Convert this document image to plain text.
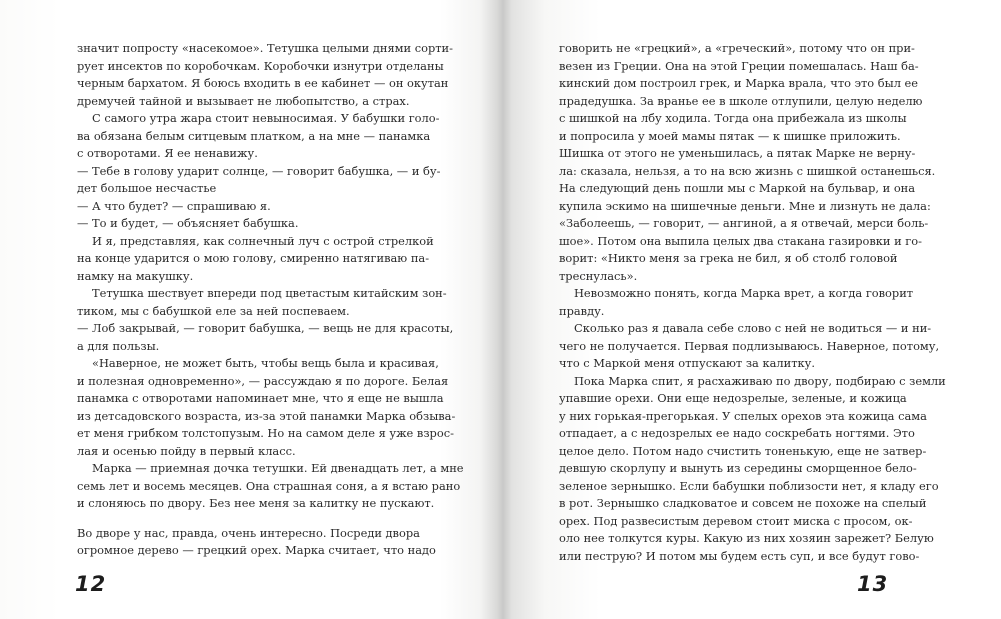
значит попросту «насекомое». Тетушка целыми днями сорти-
рует инсектов по коробочкам. Коробочки изнутри отделаны
черным бархатом. Я боюсь входить в ее кабинет — он окутан
дремучей тайной и вызывает не любопытство, а страх.
С самого утра жара стоит невыносимая. У бабушки голо-
ва обязана белым ситцевым платком, а на мне — панамка
с отворотами. Я ее ненавижу.
— Тебе в голову ударит солнце, — говорит бабушка, — и бу-
дет большое несчастье
— А что будет? — спрашиваю я.
— То и будет, — объясняет бабушка.
И я, представляя, как солнечный луч с острой стрелкой
на конце ударится о мою голову, смиренно натягиваю па-
намку на макушку.
Тетушка шествует впереди под цветастым китайским зон-
тиком, мы с бабушкой еле за ней поспеваем.
— Лоб закрывай, — говорит бабушка, — вещь не для красоты,
а для пользы.
«Наверное, не может быть, чтобы вещь была и красивая,
и полезная одновременно», — рассуждаю я по дороге. Белая
панамка с отворотами напоминает мне, что я еще не вышла
из детсадовского возраста, из-за этой панамки Марка обзыва-
ет меня грибком толстопузым. Но на самом деле я уже взрос-
лая и осенью пойду в первый класс.
Марка — приемная дочка тетушки. Ей двенадцать лет, а мне
семь лет и восемь месяцев. Она страшная соня, а я встаю рано
и слоняюсь по двору. Без нее меня за калитку не пускают.
Во дворе у нас, правда, очень интересно. Посреди двора
огромное дерево — грецкий орех. Марка считает, что надо
говорить не «грецкий», а «греческий», потому что он при-
везен из Греции. Она на этой Греции помешалась. Наш ба-
кинский дом построил грек, и Марка врала, что это был ее
прадедушка. За вранье ее в школе отлупили, целую неделю
с шишкой на лбу ходила. Тогда она прибежала из школы
и попросила у моей мамы пятак — к шишке приложить.
Шишка от этого не уменьшилась, а пятак Марке не верну-
ла: сказала, нельзя, а то на всю жизнь с шишкой останешься.
На следующий день пошли мы с Маркой на бульвар, и она
купила эскимо на шишечные деньги. Мне и лизнуть не дала:
«Заболеешь, — говорит, — ангиной, а я отвечай, мерси боль-
шое». Потом она выпила целых два стакана газировки и го-
ворит: «Никто меня за грека не бил, я об столб головой
треснулась».
Невозможно понять, когда Марка врет, а когда говорит
правду.
Сколько раз я давала себе слово с ней не водиться — и ни-
чего не получается. Первая подлизываюсь. Наверное, потому,
что с Маркой меня отпускают за калитку.
Пока Марка спит, я расхаживаю по двору, подбираю с земли
упавшие орехи. Они еще недозрелые, зеленые, и кожица
у них горькая-прегорькая. У спелых орехов эта кожица сама
отпадает, а с недозрелых ее надо соскребать ногтями. Это
целое дело. Потом надо счистить тоненькую, еще не затвер-
девшую скорлупу и вынуть из середины сморщенное бело-
зеленое зернышко. Если бабушки поблизости нет, я кладу его
в рот. Зернышко сладковатое и совсем не похоже на спелый
орех. Под развесистым деревом стоит миска с просом, ок-
оло нее толкутся куры. Какую из них хозяин зарежет? Белую
или пеструю? И потом мы будем есть суп, и все будут гово-
12	13
